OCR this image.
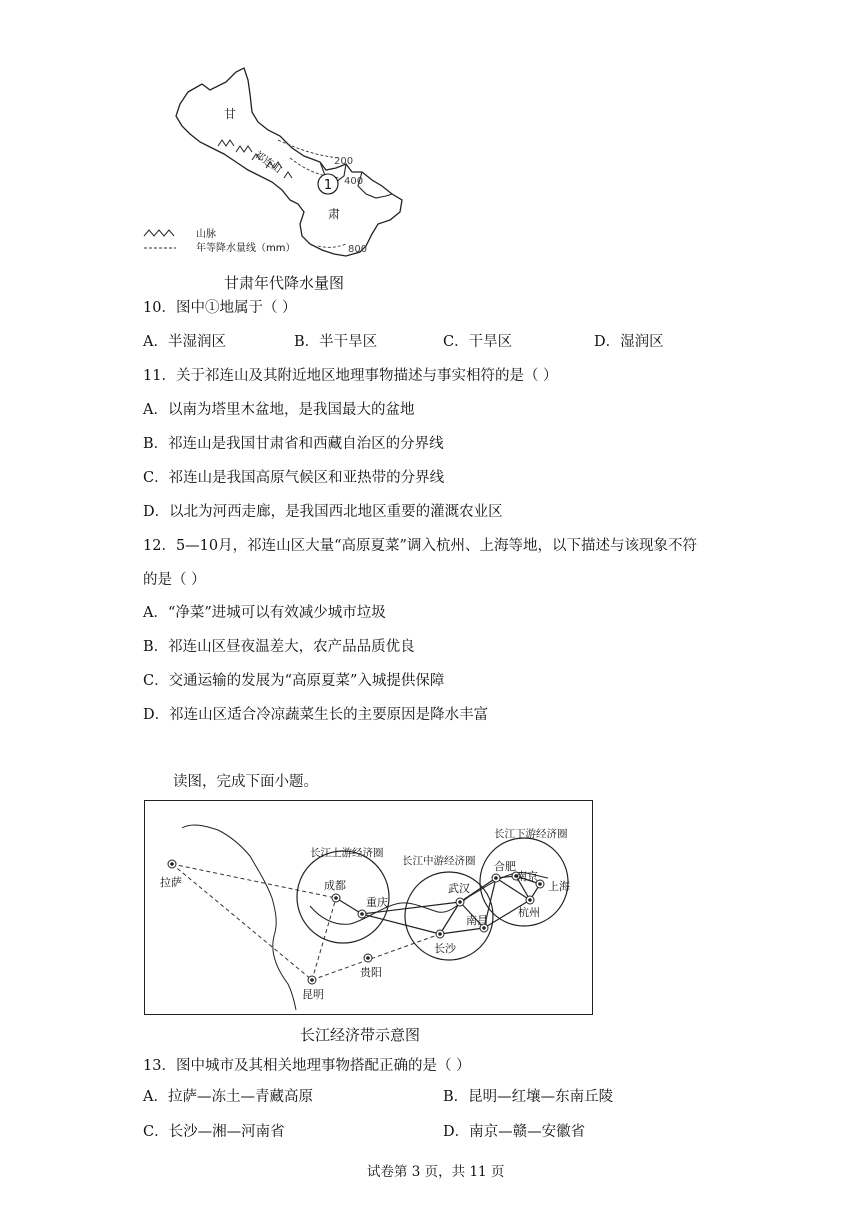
甘
肃
祁连山
1
200
400
800
山脉
年等降水量线（mm）
甘肃年代降水量图
10．图中①地属于（ ）
A．半湿润区	B．半干旱区	C．干旱区	D．湿润区
11．关于祁连山及其附近地区地理事物描述与事实相符的是（ ）
A．以南为塔里木盆地，是我国最大的盆地
B．祁连山是我国甘肃省和西藏自治区的分界线
C．祁连山是我国高原气候区和亚热带的分界线
D．以北为河西走廊，是我国西北地区重要的灌溉农业区
12．5—10月，祁连山区大量“高原夏菜”调入杭州、上海等地，以下描述与该现象不符
的是（ ）
A．“净菜”进城可以有效减少城市垃圾
B．祁连山区昼夜温差大，农产品品质优良
C．交通运输的发展为“高原夏菜”入城提供保障
D．祁连山区适合冷凉蔬菜生长的主要原因是降水丰富
读图，完成下面小题。
长江上游经济圈
长江中游经济圈
长江下游经济圈
拉萨	成都
重庆
昆明
贵阳
长沙
武汉
南昌
合肥
南京
上海
杭州
长江经济带示意图
13．图中城市及其相关地理事物搭配正确的是（ ）
A．拉萨—冻土—青藏高原	B．昆明—红壤—东南丘陵
C．长沙—湘—河南省	D．南京—赣—安徽省
试卷第 3 页，共 11 页
